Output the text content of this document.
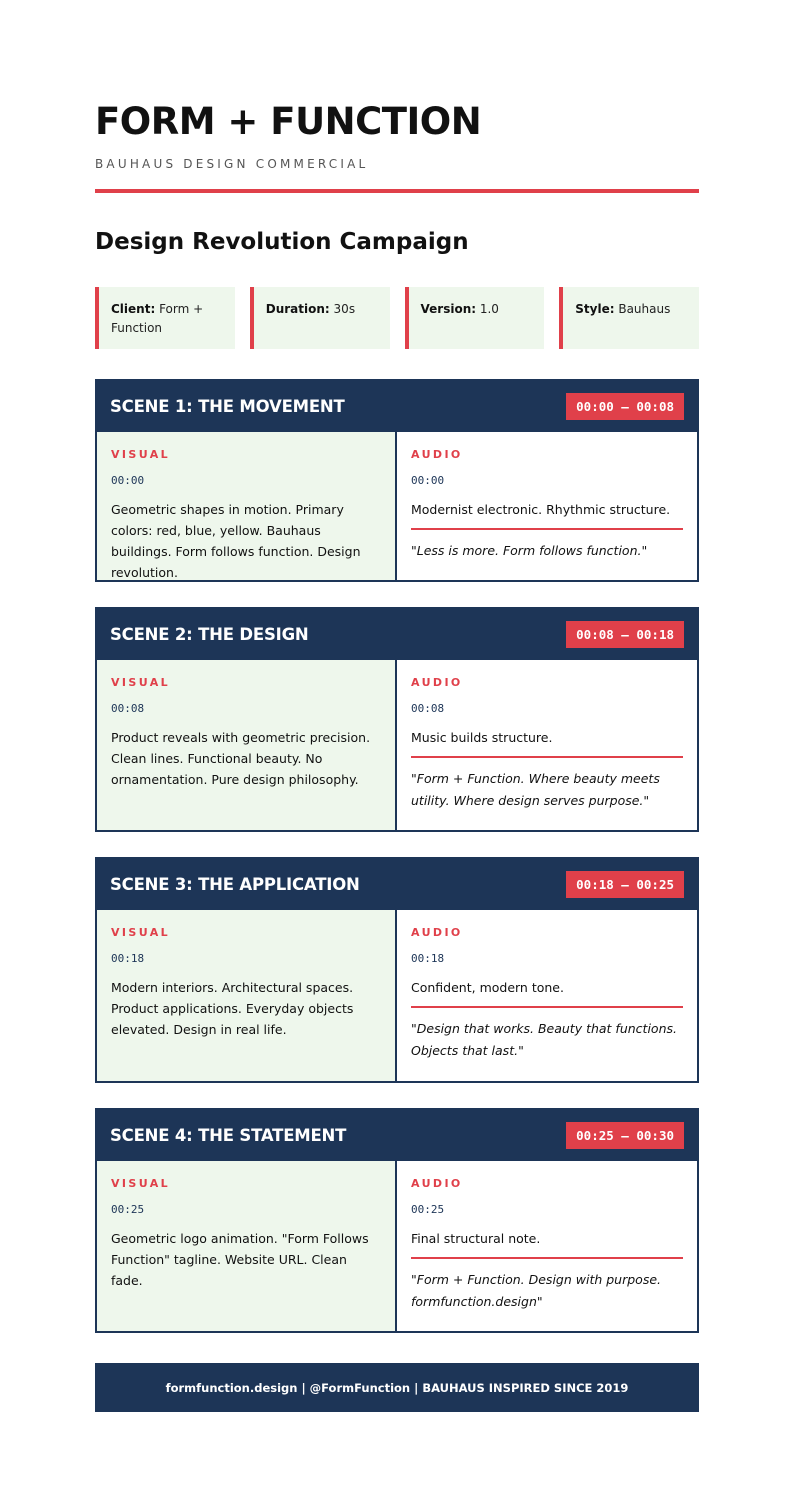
FORM + FUNCTION

BAUHAUS DESIGN COMMERCIAL

Design Revolution Campaign
Client: Form + Function
Duration: 30s	Version: 1.0	Style: Bauhaus
SCENE 1: THE MOVEMENT	00:00 – 00:08
VISUAL
00:00
Geometric shapes in motion. Primary colors: red, blue, yellow. Bauhaus buildings. Form follows function. Design revolution.
AUDIO
00:00
Modernist electronic. Rhythmic structure.
"Less is more. Form follows function."
SCENE 2: THE DESIGN	00:08 – 00:18
VISUAL
00:08
Product reveals with geometric precision. Clean lines. Functional beauty. No ornamentation. Pure design philosophy.
AUDIO
00:08
Music builds structure.
"Form + Function. Where beauty meets utility. Where design serves purpose."
SCENE 3: THE APPLICATION	00:18 – 00:25
VISUAL
00:18
Modern interiors. Architectural spaces. Product applications. Everyday objects elevated. Design in real life.
AUDIO
00:18
Confident, modern tone.
"Design that works. Beauty that functions. Objects that last."
SCENE 4: THE STATEMENT	00:25 – 00:30
VISUAL
00:25
Geometric logo animation. "Form Follows Function" tagline. Website URL. Clean fade.
AUDIO
00:25
Final structural note.
"Form + Function. Design with purpose. formfunction.design"
formfunction.design | @FormFunction | BAUHAUS INSPIRED SINCE 2019
